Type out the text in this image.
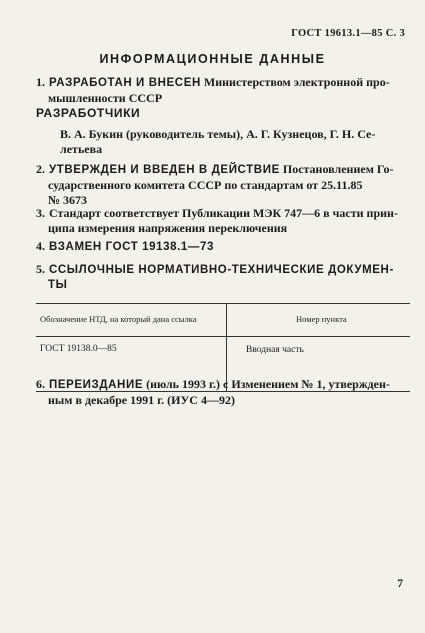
ГОСТ 19613.1—85 С. 3
ИНФОРМАЦИОННЫЕ ДАННЫЕ
1. РАЗРАБОТАН И ВНЕСЕН Министерством электронной про-
мышленности СССР
РАЗРАБОТЧИКИ
В. А. Букин (руководитель темы), А. Г. Кузнецов, Г. Н. Се-
летьева
2. УТВЕРЖДЕН И ВВЕДЕН В ДЕЙСТВИЕ Постановлением Го-
сударственного комитета СССР по стандартам от 25.11.85
№ 3673
3. Стандарт соответствует Публикации МЭК 747—6 в части прин-
ципа измерения напряжения переключения
4. ВЗАМЕН ГОСТ 19138.1—73
5. ССЫЛОЧНЫЕ НОРМАТИВНО-ТЕХНИЧЕСКИЕ ДОКУМЕН-
ТЫ
Обозначение НТД, на который дана ссылка	Номер пункта
ГОСТ 19138.0—85	Вводная часть
6. ПЕРЕИЗДАНИЕ (июль 1993 г.) с Изменением № 1, утвержден-
ным в декабре 1991 г. (ИУС 4—92)
7
